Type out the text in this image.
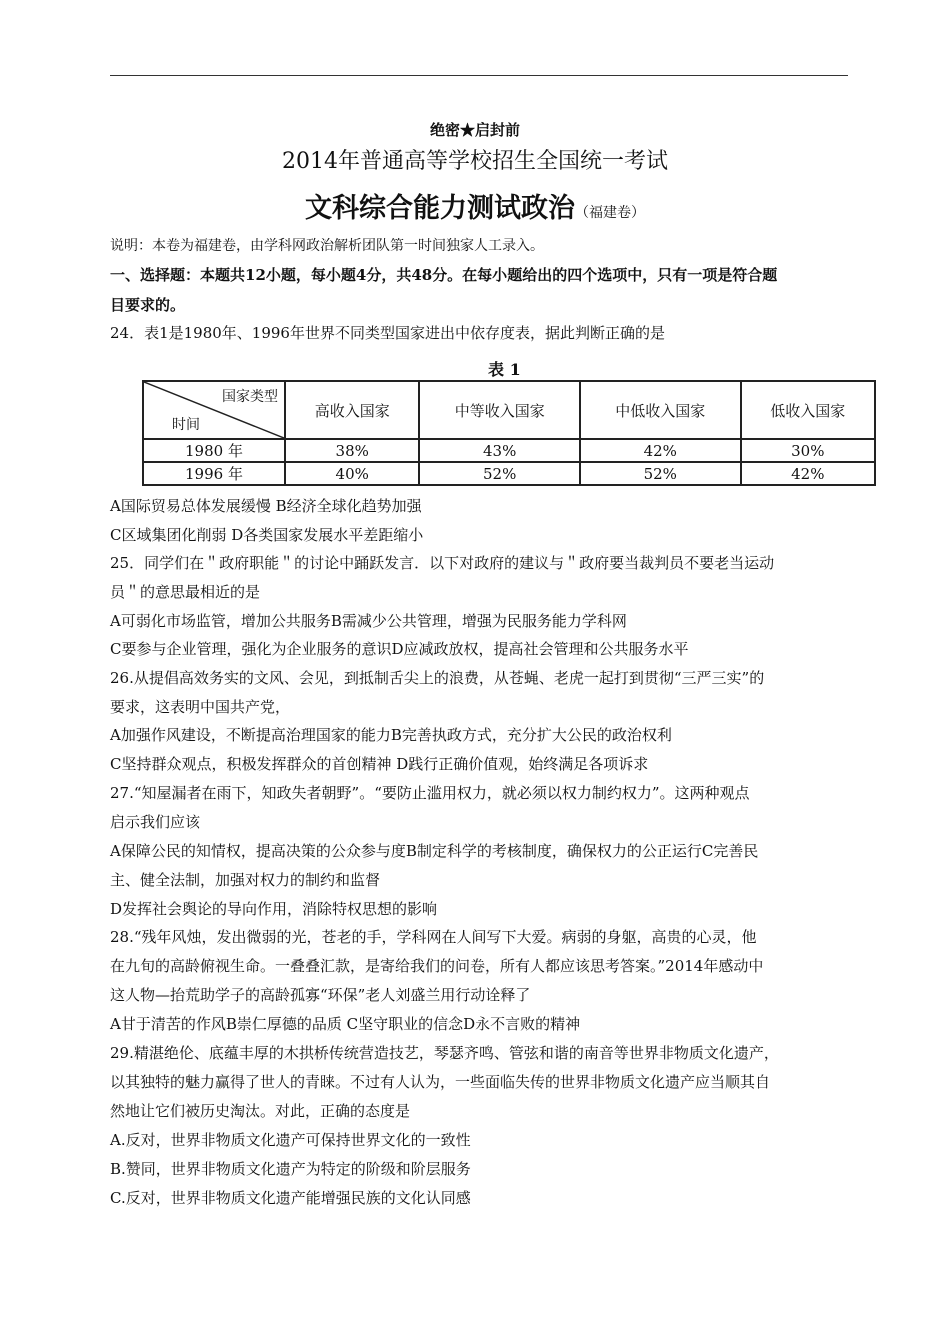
绝密★启封前
2014年普通高等学校招生全国统一考试
文科综合能力测试政治（福建卷）
说明：本卷为福建卷，由学科网政治解析团队第一时间独家人工录入。
一、选择题：本题共12小题，每小题4分，共48分。在每小题给出的四个选项中，只有一项是符合题
目要求的。
24．表1是1980年、1996年世界不同类型国家进出中依存度表，据此判断正确的是
表 1
国家类型
时间	高收入国家	中等收入国家	中低收入国家	低收入国家
1980 年	38%	43%	42%	30%
1996 年	40%	52%	52%	42%
A国际贸易总体发展缓慢 B经济全球化趋势加强
C区域集团化削弱 D各类国家发展水平差距缩小
25．同学们在＂政府职能＂的讨论中踊跃发言．以下对政府的建议与＂政府要当裁判员不要老当运动
员＂的意思最相近的是
A可弱化市场监管，增加公共服务B需减少公共管理，增强为民服务能力学科网
C要参与企业管理，强化为企业服务的意识D应减政放权，提高社会管理和公共服务水平
26.从提倡高效务实的文风、会见，到抵制舌尖上的浪费，从苍蝇、老虎一起打到贯彻“三严三实”的
要求，这表明中国共产党，
A加强作风建设，不断提高治理国家的能力B完善执政方式，充分扩大公民的政治权利
C坚持群众观点，积极发挥群众的首创精神 D践行正确价值观，始终满足各项诉求
27.“知屋漏者在雨下，知政失者朝野”。“要防止滥用权力，就必须以权力制约权力”。这两种观点
启示我们应该
A保障公民的知情权，提高决策的公众参与度B制定科学的考核制度，确保权力的公正运行C完善民
主、健全法制，加强对权力的制约和监督
D发挥社会舆论的导向作用，消除特权思想的影响
28.“残年风烛，发出微弱的光，苍老的手，学科网在人间写下大爱。病弱的身躯，高贵的心灵，他
在九旬的高龄俯视生命。一叠叠汇款，是寄给我们的问卷，所有人都应该思考答案。”2014年感动中
这人物—抬荒助学子的高龄孤寡“环保”老人刘盛兰用行动诠释了
A甘于清苦的作风B崇仁厚德的品质 C坚守职业的信念D永不言败的精神
29.精湛绝伦、底蕴丰厚的木拱桥传统营造技艺，琴瑟齐鸣、管弦和谐的南音等世界非物质文化遗产，
以其独特的魅力赢得了世人的青睐。不过有人认为，一些面临失传的世界非物质文化遗产应当顺其自
然地让它们被历史淘汰。对此，正确的态度是
A.反对，世界非物质文化遗产可保持世界文化的一致性
B.赞同，世界非物质文化遗产为特定的阶级和阶层服务
C.反对，世界非物质文化遗产能增强民族的文化认同感
